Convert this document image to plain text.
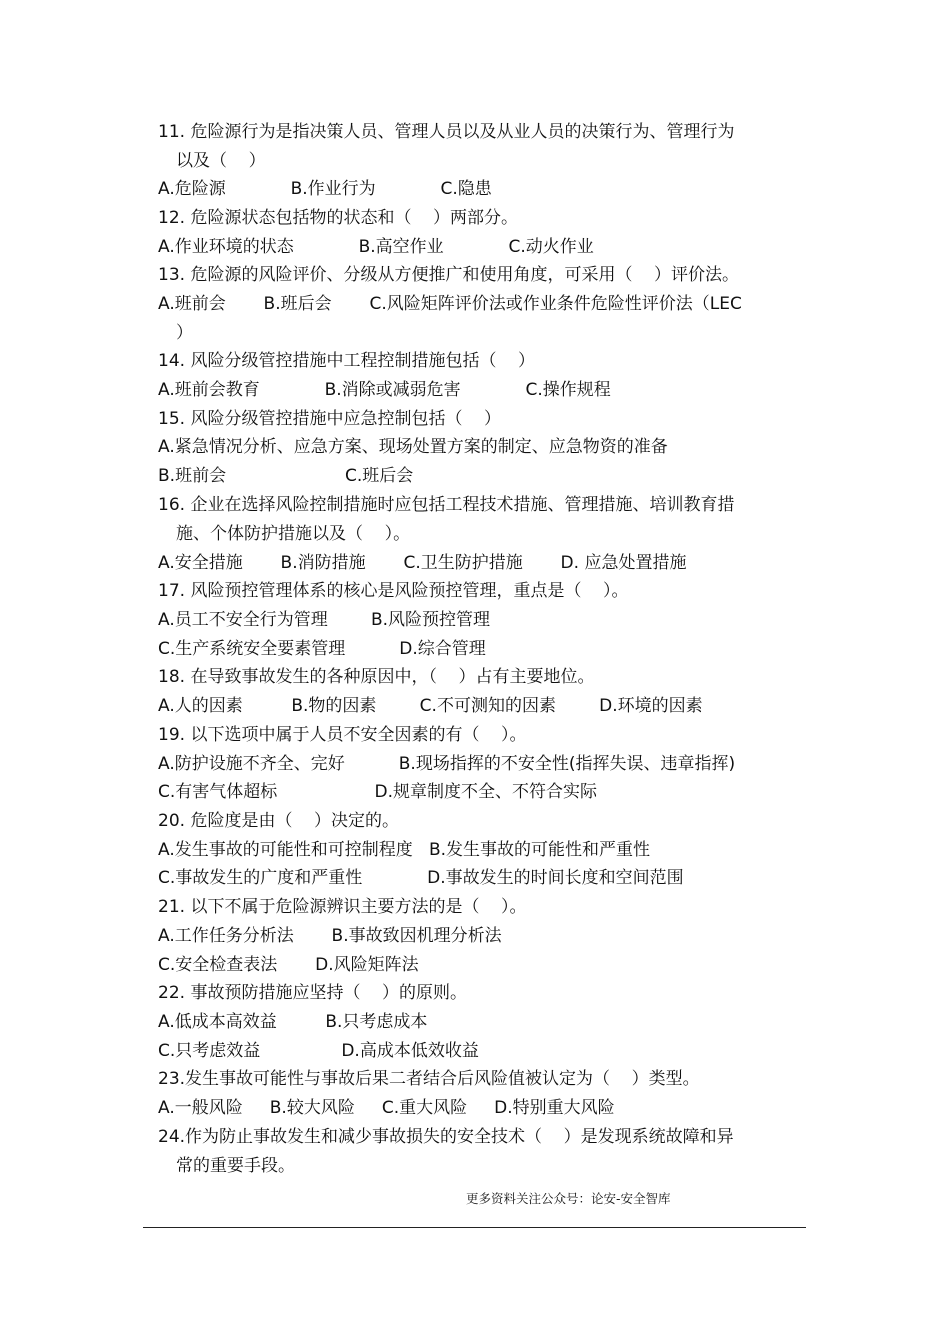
11. 危险源行为是指决策人员、管理人员以及从业人员的决策行为、管理行为
以及（    ）
A.危险源            B.作业行为            C.隐患
12. 危险源状态包括物的状态和（    ）两部分。
A.作业环境的状态            B.高空作业            C.动火作业
13. 危险源的风险评价、分级从方便推广和使用角度，可采用（    ）评价法。
A.班前会       B.班后会       C.风险矩阵评价法或作业条件危险性评价法（LEC
）
14. 风险分级管控措施中工程控制措施包括（    ）
A.班前会教育            B.消除或减弱危害            C.操作规程
15. 风险分级管控措施中应急控制包括（    ）
A.紧急情况分析、应急方案、现场处置方案的制定、应急物资的准备
B.班前会                      C.班后会
16. 企业在选择风险控制措施时应包括工程技术措施、管理措施、培训教育措
施、个体防护措施以及（    ）。
A.安全措施       B.消防措施       C.卫生防护措施       D. 应急处置措施
17. 风险预控管理体系的核心是风险预控管理，重点是（    ）。
A.员工不安全行为管理        B.风险预控管理
C.生产系统安全要素管理          D.综合管理
18. 在导致事故发生的各种原因中，（    ）占有主要地位。
A.人的因素         B.物的因素        C.不可测知的因素        D.环境的因素
19. 以下选项中属于人员不安全因素的有（    ）。
A.防护设施不齐全、完好          B.现场指挥的不安全性(指挥失误、违章指挥)
C.有害气体超标                  D.规章制度不全、不符合实际
20. 危险度是由（    ）决定的。
A.发生事故的可能性和可控制程度   B.发生事故的可能性和严重性
C.事故发生的广度和严重性            D.事故发生的时间长度和空间范围
21. 以下不属于危险源辨识主要方法的是（    ）。
A.工作任务分析法       B.事故致因机理分析法
C.安全检查表法       D.风险矩阵法
22. 事故预防措施应坚持（    ）的原则。
A.低成本高效益         B.只考虑成本
C.只考虑效益               D.高成本低效收益
23.发生事故可能性与事故后果二者结合后风险值被认定为（    ）类型。
A.一般风险     B.较大风险     C.重大风险     D.特别重大风险
24.作为防止事故发生和减少事故损失的安全技术（    ）是发现系统故障和异
常的重要手段。
更多资料关注公众号：论安-安全智库
